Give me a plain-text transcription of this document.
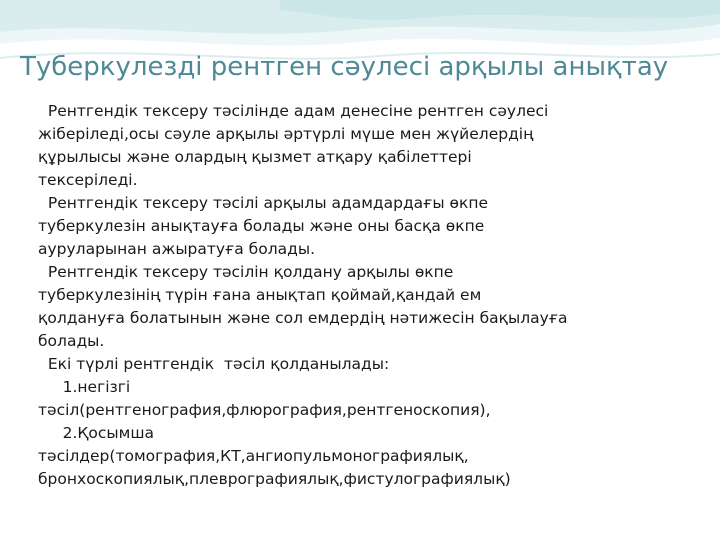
Туберкулезді рентген сәулесі арқылы анықтау

Рентгендік тексеру тәсілінде адам денесіне рентген сәулесі
жіберіледі,осы сәуле арқылы әртүрлі мүше мен жүйелердің
құрылысы және олардың қызмет атқару қабілеттері
тексеріледі.

Рентгендік тексеру тәсілі арқылы адамдардағы өкпе
туберкулезін анықтауға болады және оны басқа өкпе
ауруларынан ажыратуға болады.

Рентгендік тексеру тәсілін қолдану арқылы өкпе
туберкулезінің түрін ғана анықтап қоймай,қандай ем
қолдануға болатынын және сол емдердің нәтижесін бақылауға
болады.

Екі түрлі рентгендік  тәсіл қолданылады:
1.негізгі
тәсіл(рентгенография,флюрография,рентгеноскопия),
2.Қосымша
тәсілдер(томография,КТ,ангиопульмонографиялық,
бронхоскопиялық,плеврографиялық,фистулографиялық)
